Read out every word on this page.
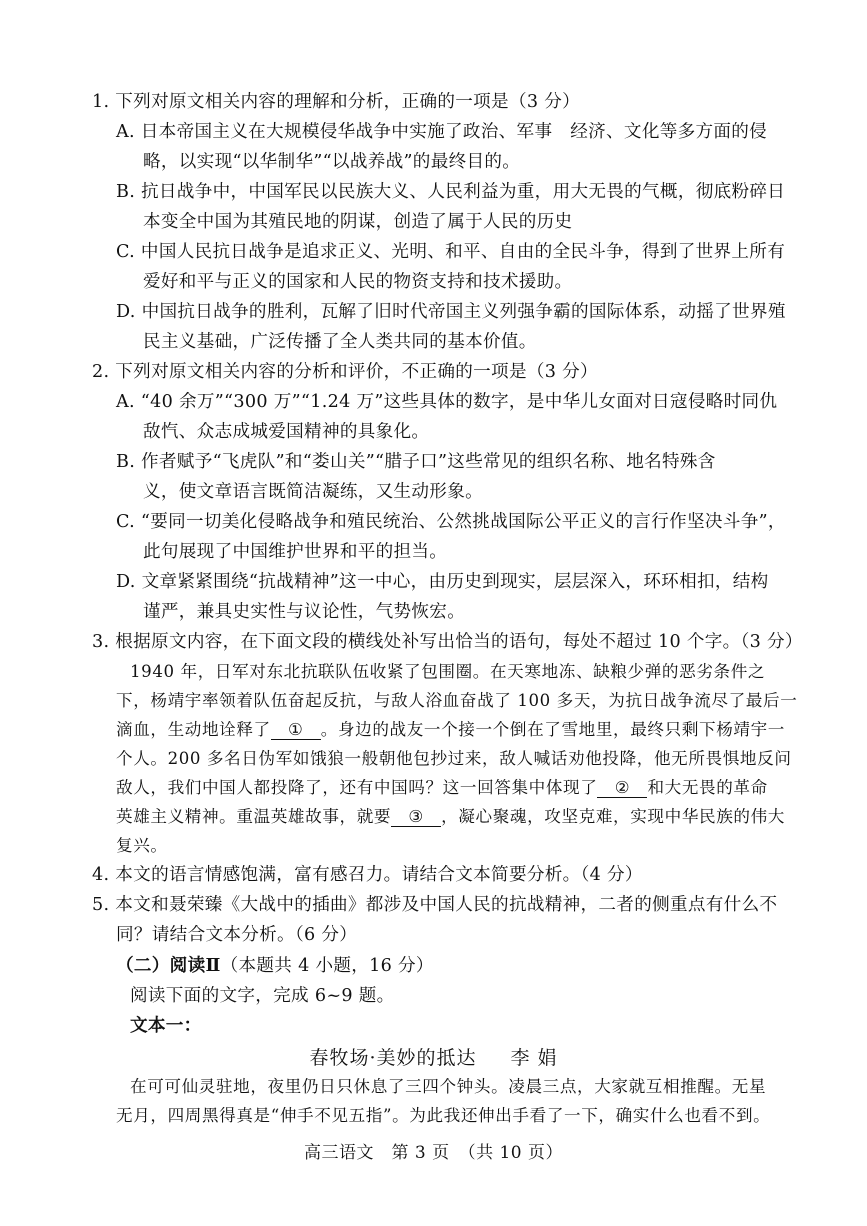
1. 下列对原文相关内容的理解和分析，正确的一项是（3 分）
A. 日本帝国主义在大规模侵华战争中实施了政治、军事　经济、文化等多方面的侵
略，以实现“以华制华”“以战养战”的最终目的。
B. 抗日战争中，中国军民以民族大义、人民利益为重，用大无畏的气概，彻底粉碎日
本变全中国为其殖民地的阴谋，创造了属于人民的历史
C. 中国人民抗日战争是追求正义、光明、和平、自由的全民斗争，得到了世界上所有
爱好和平与正义的国家和人民的物资支持和技术援助。
D. 中国抗日战争的胜利，瓦解了旧时代帝国主义列强争霸的国际体系，动摇了世界殖
民主义基础，广泛传播了全人类共同的基本价值。
2. 下列对原文相关内容的分析和评价，不正确的一项是（3 分）
A. “40 余万”“300 万”“1.24 万”这些具体的数字，是中华儿女面对日寇侵略时同仇
敌忾、众志成城爱国精神的具象化。
B. 作者赋予“飞虎队”和“娄山关”“腊子口”这些常见的组织名称、地名特殊含
义，使文章语言既简洁凝练，又生动形象。
C. “要同一切美化侵略战争和殖民统治、公然挑战国际公平正义的言行作坚决斗争”，
此句展现了中国维护世界和平的担当。
D. 文章紧紧围绕“抗战精神”这一中心，由历史到现实，层层深入，环环相扣，结构
谨严，兼具史实性与议论性，气势恢宏。
3. 根据原文内容，在下面文段的横线处补写出恰当的语句，每处不超过 10 个字。（3 分）
1940 年，日军对东北抗联队伍收紧了包围圈。在天寒地冻、缺粮少弹的恶劣条件之
下，杨靖宇率领着队伍奋起反抗，与敌人浴血奋战了 100 多天，为抗日战争流尽了最后一
滴血，生动地诠释了 ① 。身边的战友一个接一个倒在了雪地里，最终只剩下杨靖宇一
个人。200 多名日伪军如饿狼一般朝他包抄过来，敌人喊话劝他投降，他无所畏惧地反问
敌人，我们中国人都投降了，还有中国吗？这一回答集中体现了 ② 和大无畏的革命
英雄主义精神。重温英雄故事，就要 ③ ，凝心聚魂，攻坚克难，实现中华民族的伟大
复兴。
4. 本文的语言情感饱满，富有感召力。请结合文本简要分析。（4 分）
5. 本文和聂荣臻《大战中的插曲》都涉及中国人民的抗战精神，二者的侧重点有什么不
同？请结合文本分析。（6 分）
（二）阅读Ⅱ（本题共 4 小题，16 分）
阅读下面的文字，完成 6~9 题。
文本一：
春牧场·美妙的抵达 李 娟
在可可仙灵驻地，夜里仍日只休息了三四个钟头。凌晨三点，大家就互相推醒。无星
无月，四周黑得真是“伸手不见五指”。为此我还伸出手看了一下，确实什么也看不到。
高三语文　第 3 页　（共 10 页）
